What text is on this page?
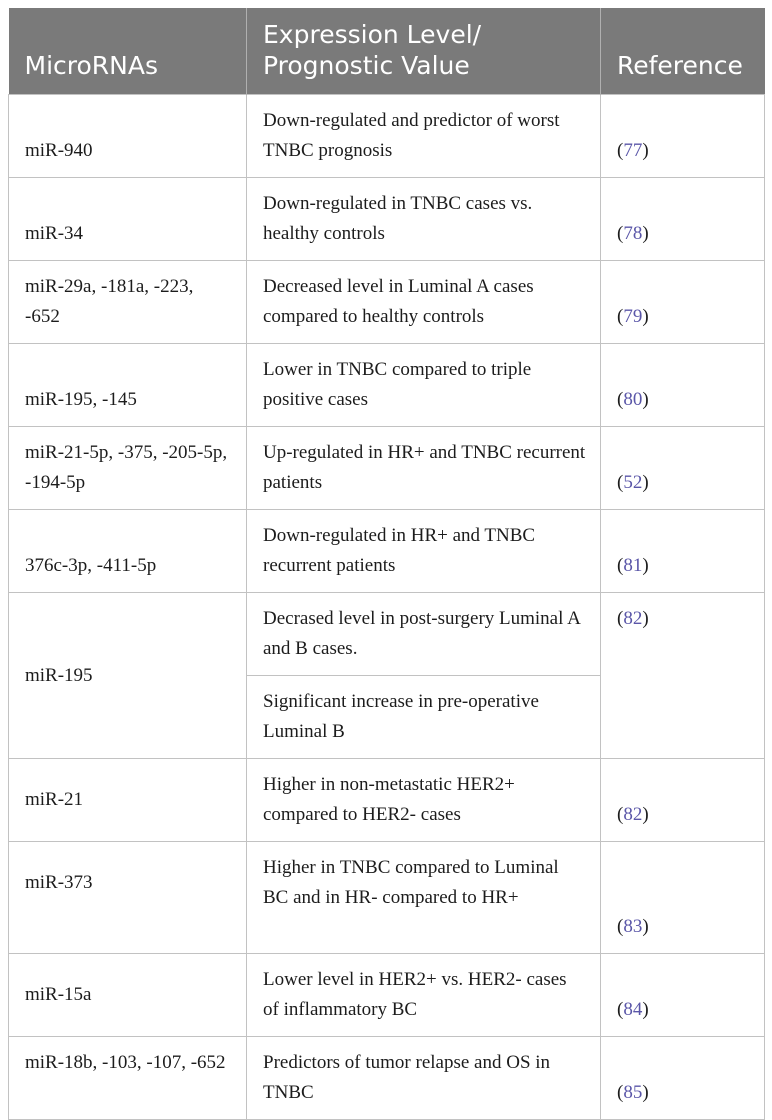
MicroRNAs	Expression Level/ Prognostic Value	Reference
miR-940	Down-regulated and predictor of worst TNBC prognosis	(77)
miR-34	Down-regulated in TNBC cases vs. healthy controls	(78)
miR-29a, -181a, -223, -652	Decreased level in Luminal A cases compared to healthy controls	(79)
miR-195, -145	Lower in TNBC compared to triple positive cases	(80)
miR-21-5p, -375, -205-5p, -194-5p	Up-regulated in HR+ and TNBC recurrent patients	(52)
376c-3p, -411-5p	Down-regulated in HR+ and TNBC recurrent patients	(81)
miR-195	Decrased level in post-surgery Luminal A and B cases.	(82)
	Significant increase in pre-operative Luminal B	
miR-21	Higher in non-metastatic HER2+ compared to HER2- cases	(82)
miR-373	Higher in TNBC compared to Luminal BC and in HR- compared to HR+	(83)
miR-15a	Lower level in HER2+ vs. HER2- cases of inflammatory BC	(84)
miR-18b, -103, -107, -652	Predictors of tumor relapse and OS in TNBC	(85)
